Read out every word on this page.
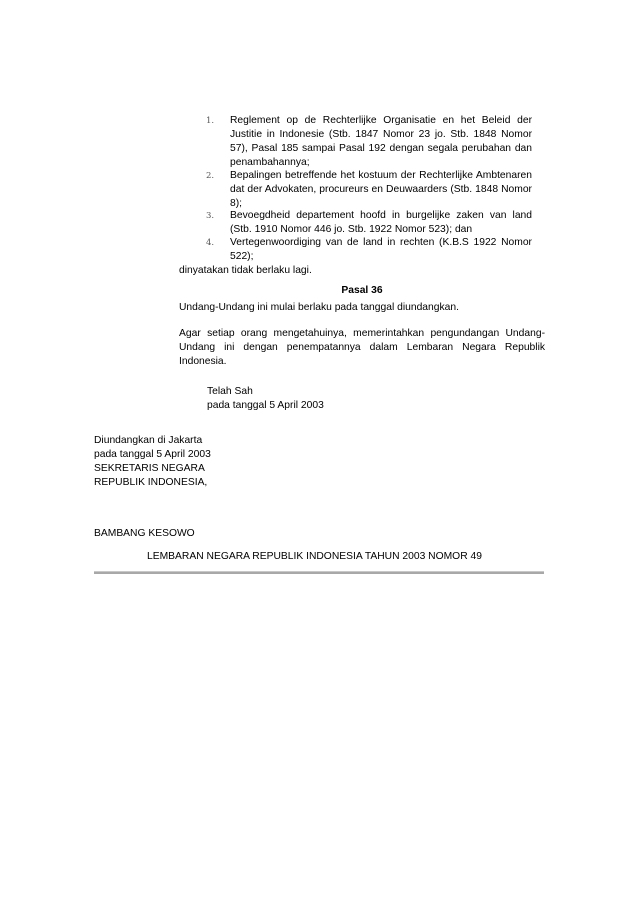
1. Reglement op de Rechterlijke Organisatie en het Beleid der Justitie in Indonesie (Stb. 1847 Nomor 23 jo. Stb. 1848 Nomor 57), Pasal 185 sampai Pasal 192 dengan segala perubahan dan penambahannya;
2. Bepalingen betreffende het kostuum der Rechterlijke Ambtenaren dat der Advokaten, procureurs en Deuwaarders (Stb. 1848 Nomor 8);
3. Bevoegdheid departement hoofd in burgelijke zaken van land (Stb. 1910 Nomor 446 jo. Stb. 1922 Nomor 523); dan
4. Vertegenwoordiging van de land in rechten (K.B.S 1922 Nomor 522);
dinyatakan tidak berlaku lagi.
Pasal 36
Undang-Undang ini mulai berlaku pada tanggal diundangkan.
Agar setiap orang mengetahuinya, memerintahkan pengundangan Undang-Undang ini dengan penempatannya dalam Lembaran Negara Republik Indonesia.
Telah Sah
pada tanggal 5 April 2003
Diundangkan di Jakarta
pada tanggal 5 April 2003
SEKRETARIS NEGARA
REPUBLIK INDONESIA,
BAMBANG KESOWO
LEMBARAN NEGARA REPUBLIK INDONESIA TAHUN 2003 NOMOR 49
